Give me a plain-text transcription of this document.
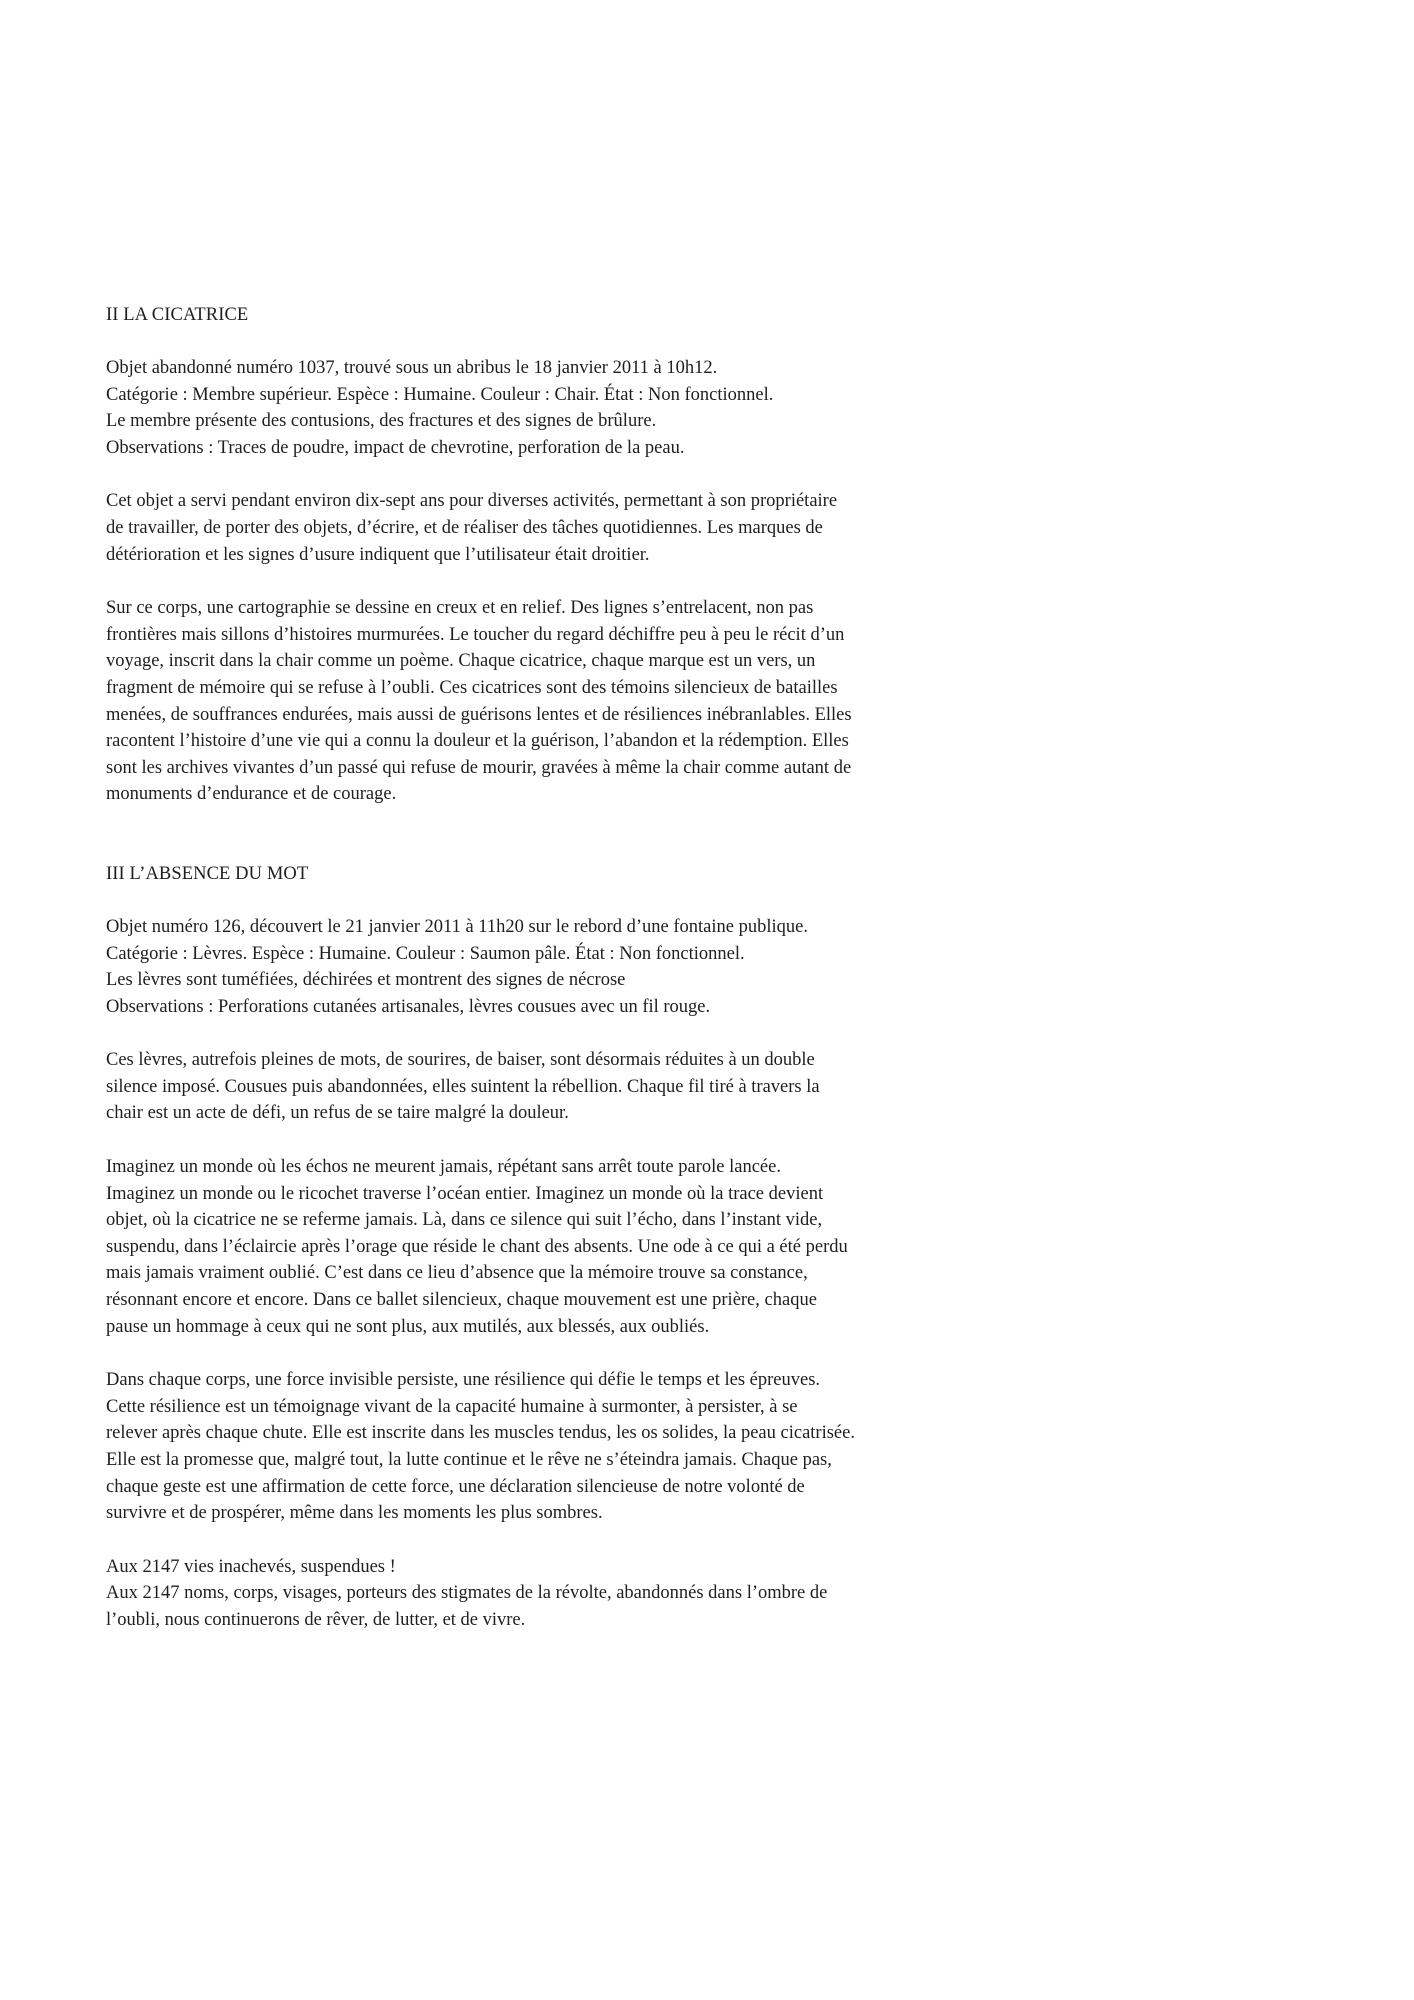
II LA CICATRICE
Objet abandonné numéro 1037, trouvé sous un abribus le 18 janvier 2011 à 10h12.
Catégorie : Membre supérieur. Espèce : Humaine. Couleur : Chair. État : Non fonctionnel.
Le membre présente des contusions, des fractures et des signes de brûlure.
Observations : Traces de poudre, impact de chevrotine, perforation de la peau.
Cet objet a servi pendant environ dix-sept ans pour diverses activités, permettant à son propriétaire
de travailler, de porter des objets, d’écrire, et de réaliser des tâches quotidiennes. Les marques de
détérioration et les signes d’usure indiquent que l’utilisateur était droitier.
Sur ce corps, une cartographie se dessine en creux et en relief. Des lignes s’entrelacent, non pas
frontières mais sillons d’histoires murmurées. Le toucher du regard déchiffre peu à peu le récit d’un
voyage, inscrit dans la chair comme un poème. Chaque cicatrice, chaque marque est un vers, un
fragment de mémoire qui se refuse à l’oubli. Ces cicatrices sont des témoins silencieux de batailles
menées, de souffrances endurées, mais aussi de guérisons lentes et de résiliences inébranlables. Elles
racontent l’histoire d’une vie qui a connu la douleur et la guérison, l’abandon et la rédemption. Elles
sont les archives vivantes d’un passé qui refuse de mourir, gravées à même la chair comme autant de
monuments d’endurance et de courage.
III L’ABSENCE DU MOT
Objet numéro 126, découvert le 21 janvier 2011 à 11h20 sur le rebord d’une fontaine publique.
Catégorie : Lèvres. Espèce : Humaine. Couleur : Saumon pâle. État : Non fonctionnel.
Les lèvres sont tuméfiées, déchirées et montrent des signes de nécrose
Observations : Perforations cutanées artisanales, lèvres cousues avec un fil rouge.
Ces lèvres, autrefois pleines de mots, de sourires, de baiser, sont désormais réduites à un double
silence imposé. Cousues puis abandonnées, elles suintent la rébellion. Chaque fil tiré à travers la
chair est un acte de défi, un refus de se taire malgré la douleur.
Imaginez un monde où les échos ne meurent jamais, répétant sans arrêt toute parole lancée.
Imaginez un monde ou le ricochet traverse l’océan entier. Imaginez un monde où la trace devient
objet, où la cicatrice ne se referme jamais. Là, dans ce silence qui suit l’écho, dans l’instant vide,
suspendu, dans l’éclaircie après l’orage que réside le chant des absents. Une ode à ce qui a été perdu
mais jamais vraiment oublié. C’est dans ce lieu d’absence que la mémoire trouve sa constance,
résonnant encore et encore. Dans ce ballet silencieux, chaque mouvement est une prière, chaque
pause un hommage à ceux qui ne sont plus, aux mutilés, aux blessés, aux oubliés.
Dans chaque corps, une force invisible persiste, une résilience qui défie le temps et les épreuves.
Cette résilience est un témoignage vivant de la capacité humaine à surmonter, à persister, à se
relever après chaque chute. Elle est inscrite dans les muscles tendus, les os solides, la peau cicatrisée.
Elle est la promesse que, malgré tout, la lutte continue et le rêve ne s’éteindra jamais. Chaque pas,
chaque geste est une affirmation de cette force, une déclaration silencieuse de notre volonté de
survivre et de prospérer, même dans les moments les plus sombres.
Aux 2147 vies inachevés, suspendues !
Aux 2147 noms, corps, visages, porteurs des stigmates de la révolte, abandonnés dans l’ombre de
l’oubli, nous continuerons de rêver, de lutter, et de vivre.
